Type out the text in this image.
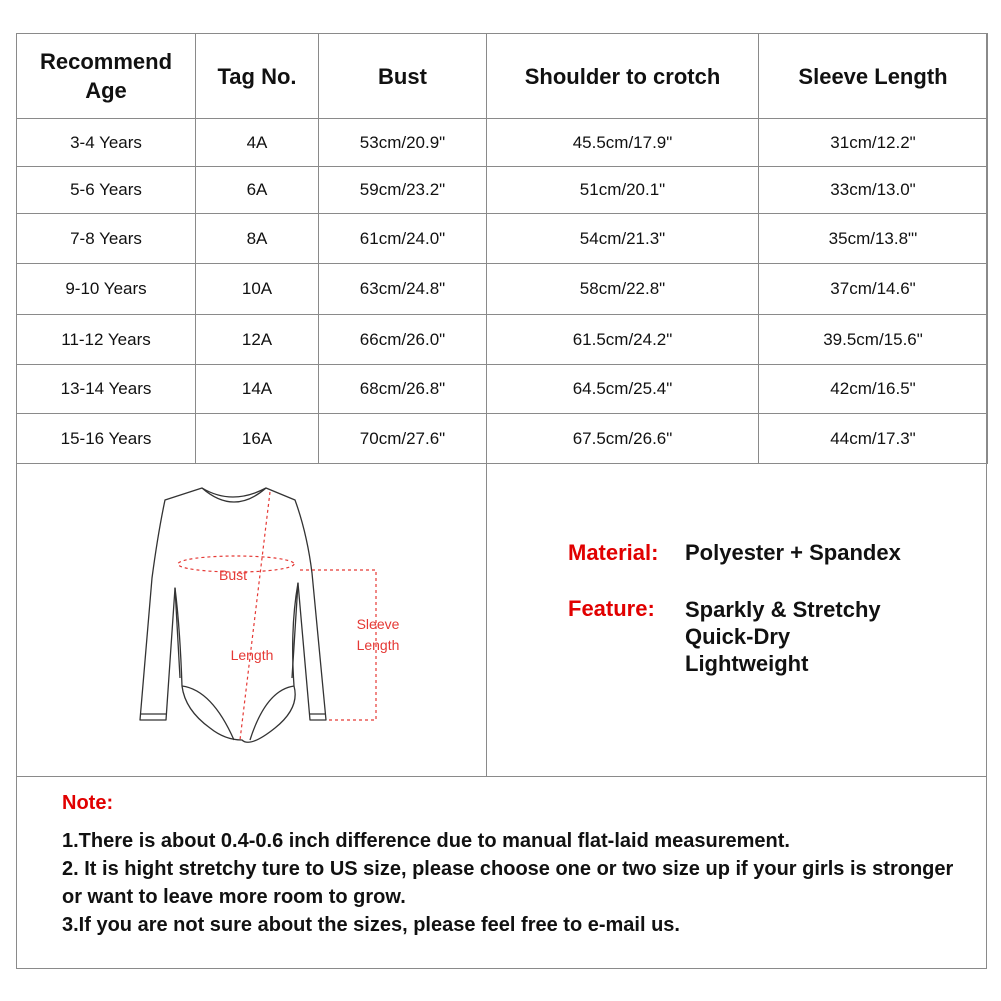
Recommend Age	Tag No.	Bust	Shoulder to crotch	Sleeve Length
3-4 Years	4A	53cm/20.9"	45.5cm/17.9"	31cm/12.2"
5-6 Years	6A	59cm/23.2"	51cm/20.1"	33cm/13.0"
7-8 Years	8A	61cm/24.0"	54cm/21.3"	35cm/13.8"'
9-10 Years	10A	63cm/24.8"	58cm/22.8"	37cm/14.6"
11-12 Years	12A	66cm/26.0"	61.5cm/24.2"	39.5cm/15.6"
13-14 Years	14A	68cm/26.8"	64.5cm/25.4"	42cm/16.5"
15-16 Years	16A	70cm/27.6"	67.5cm/26.6"	44cm/17.3"
Bust
Length
Sleeve
Length
Material:	Polyester + Spandex
Feature:	Sparkly & Stretchy
Quick-Dry
Lightweight
Note:
1.There is about 0.4-0.6 inch difference due to manual flat-laid measurement.
2. It is hight stretchy ture to US size, please choose one or two size up if your girls is stronger or want to leave more room to grow.
3.If you are not sure about the sizes, please feel free to e-mail us.
